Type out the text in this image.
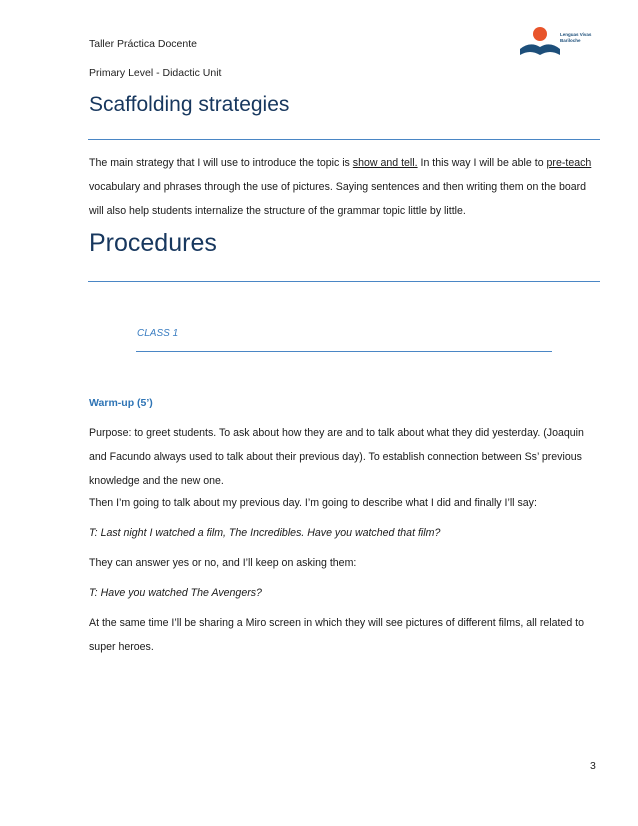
Taller Práctica Docente
Primary Level - Didactic Unit
Lenguas Vivas
Bariloche
Scaffolding strategies
The main strategy that I will use to introduce the topic is show and tell. In this way I will be able to pre-teach vocabulary and phrases through the use of pictures. Saying sentences and then writing them on the board will also help students internalize the structure of the grammar topic little by little.
Procedures
CLASS 1
Warm-up (5’)
Purpose: to greet students. To ask about how they are and to talk about what they did yesterday. (Joaquin and Facundo always used to talk about their previous day). To establish connection between Ss’ previous knowledge and the new one.
Then I’m going to talk about my previous day. I’m going to describe what I did and finally I’ll say:
T: Last night I watched a film, The Incredibles. Have you watched that film?
They can answer yes or no, and I’ll keep on asking them:
T: Have you watched The Avengers?
At the same time I’ll be sharing a Miro screen in which they will see pictures of different films, all related to super heroes.
3
